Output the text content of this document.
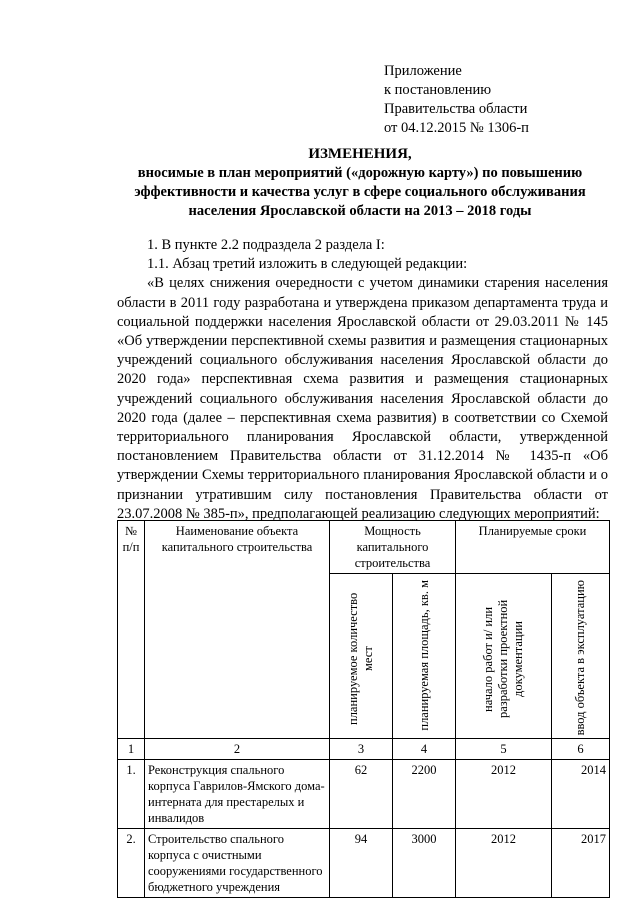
Приложение
к постановлению
Правительства области
от 04.12.2015 № 1306-п
ИЗМЕНЕНИЯ,
вносимые в план мероприятий («дорожную карту») по повышению
эффективности и качества услуг в сфере социального обслуживания
населения Ярославской области на 2013 – 2018 годы

1. В пункте 2.2 подраздела 2 раздела I:

1.1. Абзац третий изложить в следующей редакции:

«В целях снижения очередности с учетом динамики старения населения области в 2011 году разработана и утверждена приказом департамента труда и социальной поддержки населения Ярославской области от 29.03.2011 № 145 «Об утверждении перспективной схемы развития и размещения стационарных учреждений социального обслуживания населения Ярославской области до 2020 года» перспективная схема развития и размещения стационарных учреждений социального обслуживания населения Ярославской области до 2020 года (далее – перспективная схема развития) в соответствии со Схемой территориального планирования Ярославской области, утвержденной постановлением Правительства области от 31.12.2014 № 1435-п «Об утверждении Схемы территориального планирования Ярославской области и о признании утратившим силу постановления Правительства области от 23.07.2008 № 385-п», предполагающей реализацию следующих мероприятий:

№ п/п	Наименование объекта капитального строительства	Мощность капитального строительства		Планируемые сроки	

		планируемое количество мест	планируемая площадь, кв. м	начало работ и/ или разработки проектной документации	ввод объекта в эксплуатацию

1	2	3	4	5	6
1.	Реконструкция спального корпуса Гаврилов-Ямского дома-интерната для престарелых и инвалидов	62	2200	2012	2014
2.	Строительство спального корпуса с очистными сооружениями государственного бюджетного учреждения	94	3000	2012	2017
